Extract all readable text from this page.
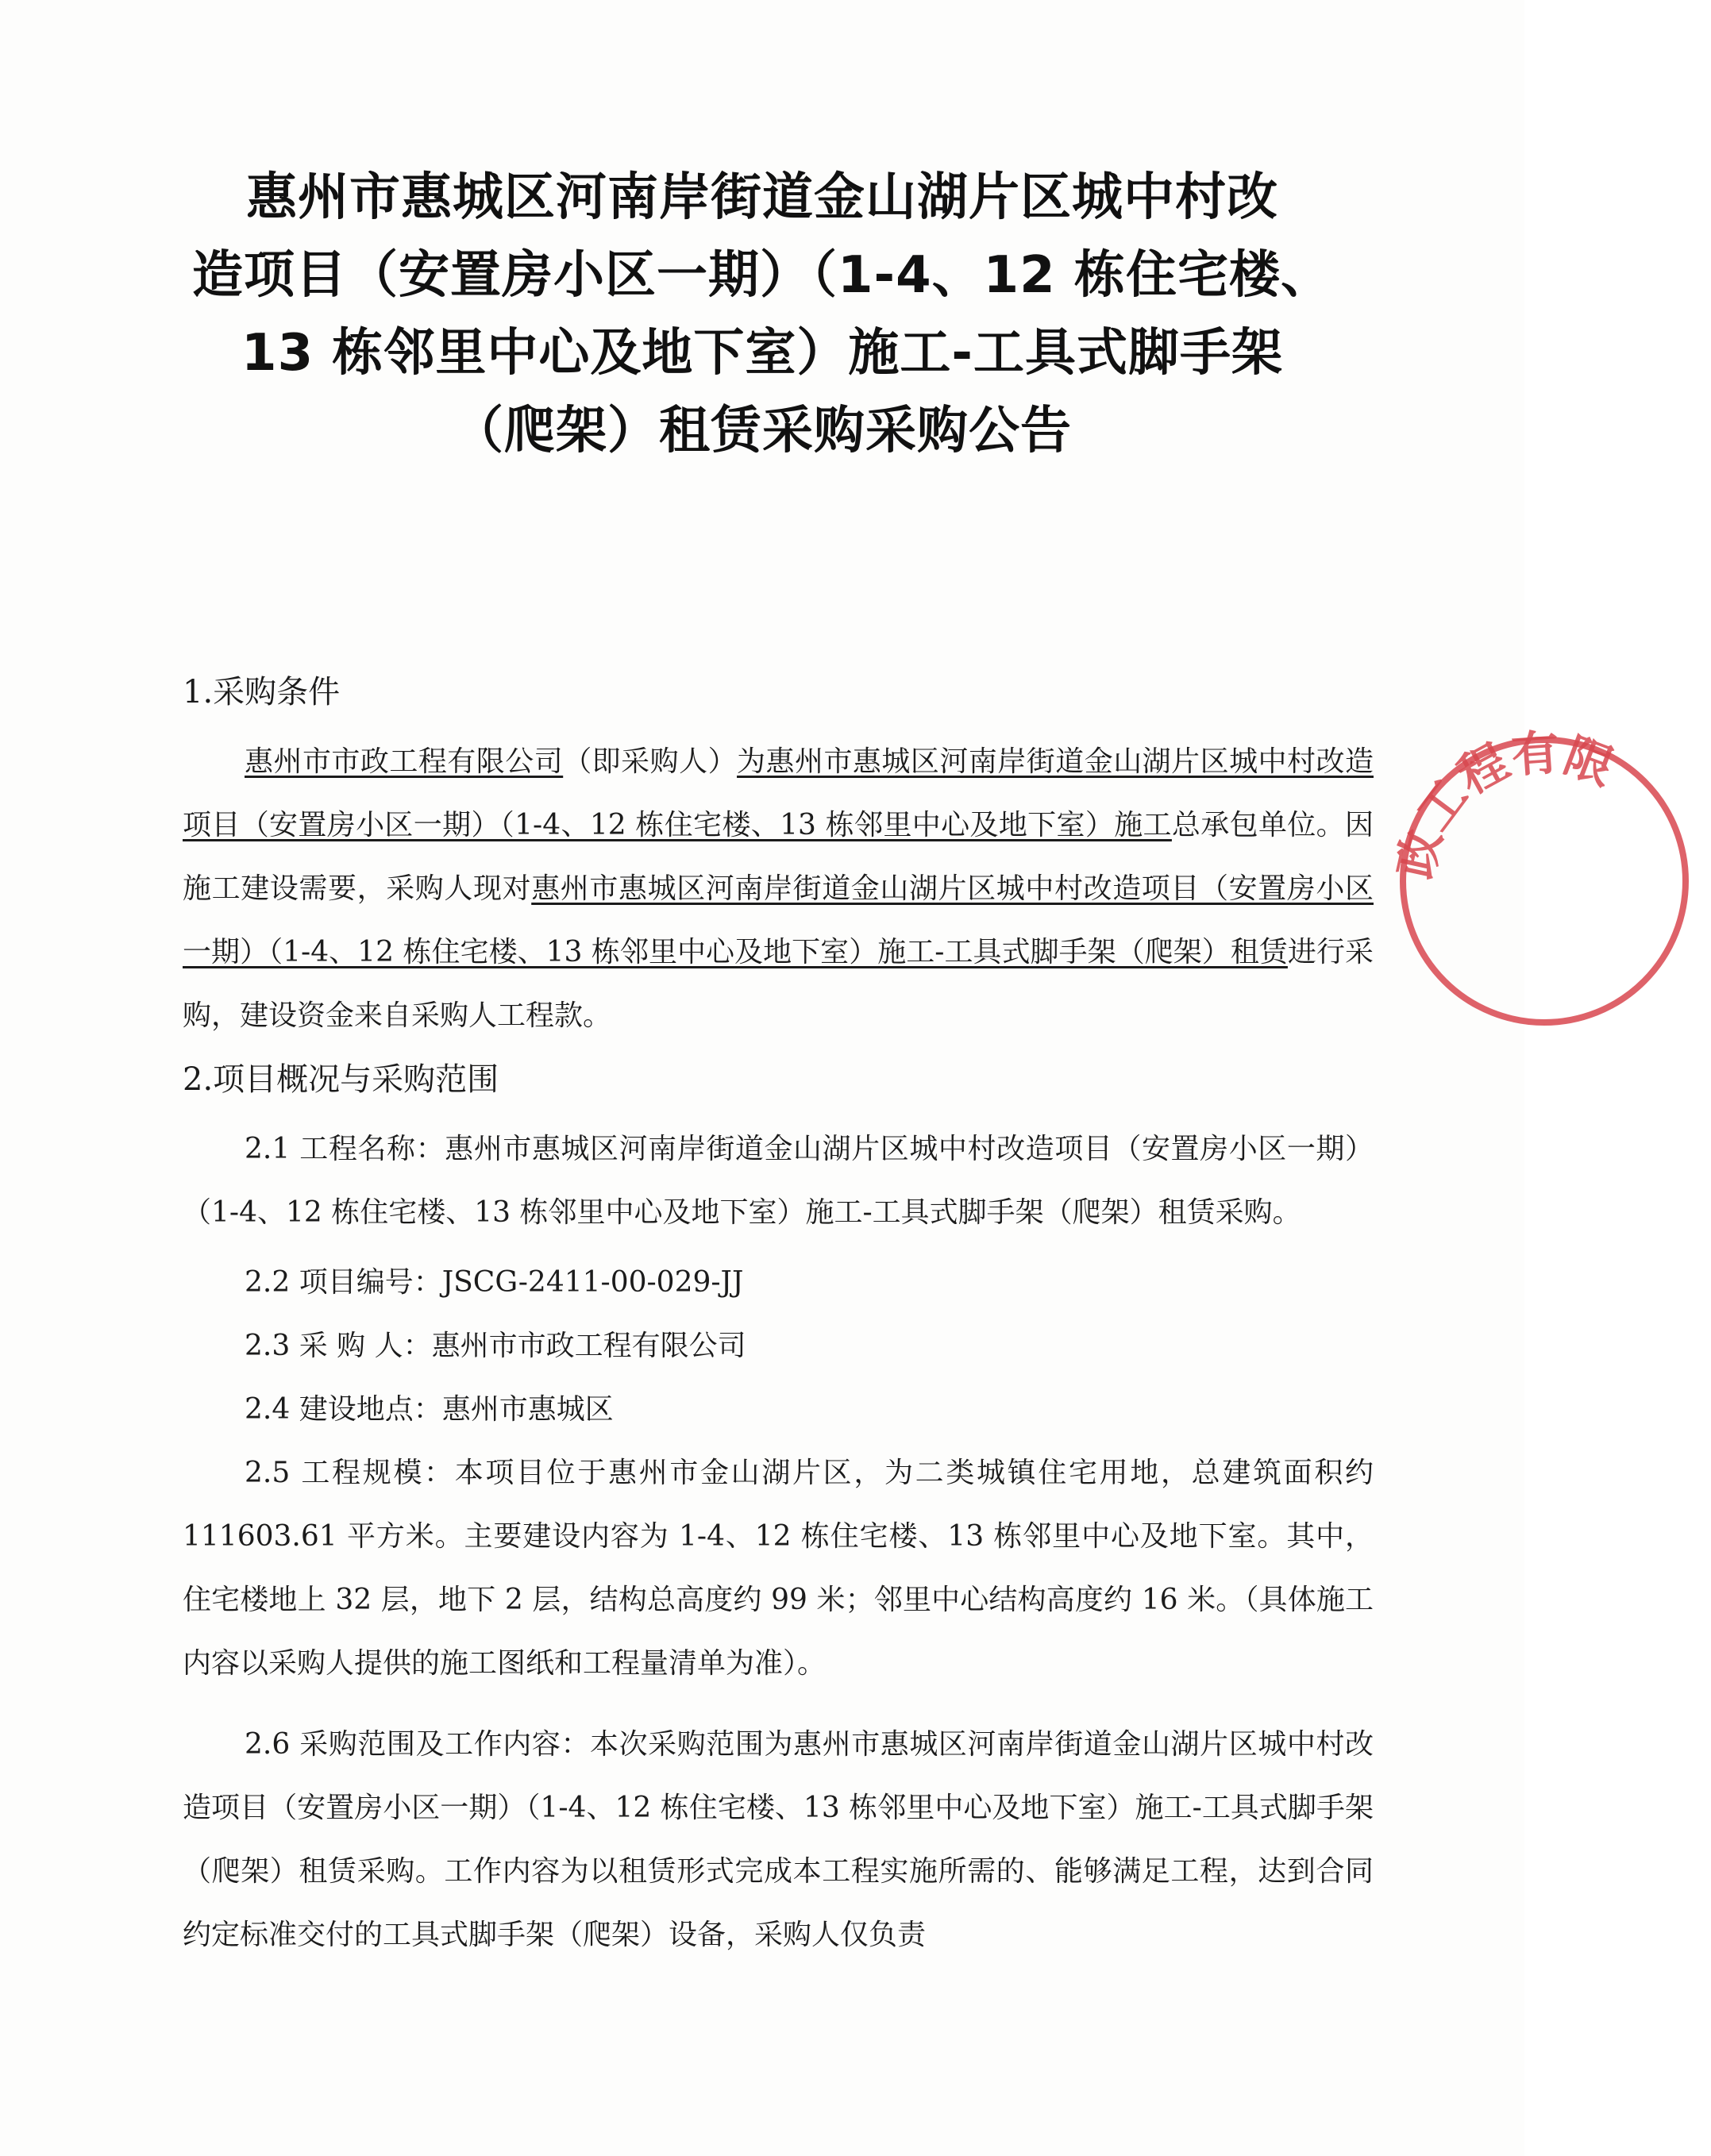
惠州市惠城区河南岸街道金山湖片区城中村改
造项目（安置房小区一期）（1-4、12 栋住宅楼、
13 栋邻里中心及地下室）施工-工具式脚手架
（爬架）租赁采购采购公告
1.采购条件

惠州市市政工程有限公司（即采购人）为惠州市惠城区河南岸街道金山湖片区城中村改造项目（安置房小区一期）（1-4、12 栋住宅楼、13 栋邻里中心及地下室）施工总承包单位。因施工建设需要，采购人现对惠州市惠城区河南岸街道金山湖片区城中村改造项目（安置房小区一期）（1-4、12 栋住宅楼、13 栋邻里中心及地下室）施工-工具式脚手架（爬架）租赁进行采购，建设资金来自采购人工程款。

2.项目概况与采购范围

2.1 工程名称：惠州市惠城区河南岸街道金山湖片区城中村改造项目（安置房小区一期）（1-4、12 栋住宅楼、13 栋邻里中心及地下室）施工-工具式脚手架（爬架）租赁采购。

2.2 项目编号：JSCG-2411-00-029-JJ

2.3 采 购 人：惠州市市政工程有限公司

2.4 建设地点：惠州市惠城区

2.5 工程规模：本项目位于惠州市金山湖片区，为二类城镇住宅用地，总建筑面积约 111603.61 平方米。主要建设内容为 1-4、12 栋住宅楼、13 栋邻里中心及地下室。其中，住宅楼地上 32 层，地下 2 层，结构总高度约 99 米；邻里中心结构高度约 16 米。（具体施工内容以采购人提供的施工图纸和工程量清单为准）。

2.6 采购范围及工作内容：本次采购范围为惠州市惠城区河南岸街道金山湖片区城中村改造项目（安置房小区一期）（1-4、12 栋住宅楼、13 栋邻里中心及地下室）施工-工具式脚手架（爬架）租赁采购。工作内容为以租赁形式完成本工程实施所需的、能够满足工程，达到合同约定标准交付的工具式脚手架（爬架）设备，采购人仅负责

政工程有限
